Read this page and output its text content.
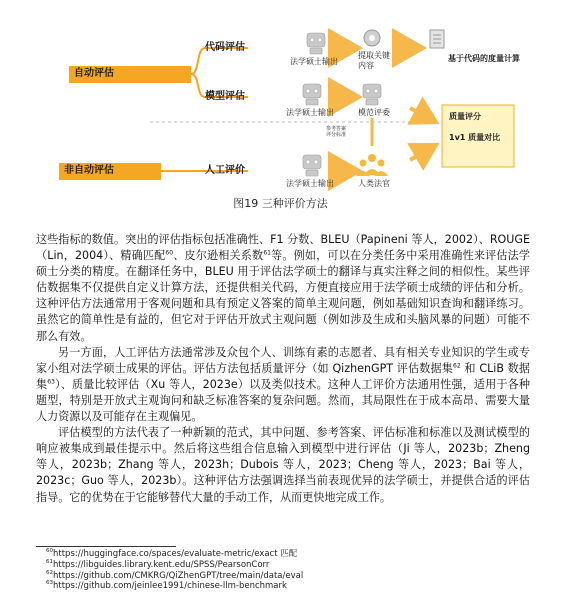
自动评估
非自动评估
代码评估
模型评估
人工评价
法学硕士输出
法学硕士输出
法学硕士输出
提取关键内容
模范评委
参考答案评分标准
人类法官
基于代码的度量计算
质量评分
1v1 质量对比
图19 三种评价方法

这些指标的数值。突出的评估指标包括准确性、F1 分数、BLEU（Papineni 等人，2002）、ROUGE（Lin，2004）、精确匹配$^{60}$、皮尔逊相关系数$^{61}$等。例如，可以在分类任务中采用准确性来评估法学硕士分类的精度。在翻译任务中，BLEU 用于评估法学硕士的翻译与真实注释之间的相似性。某些评估数据集不仅提供自定义计算方法，还提供相关代码，方便直接应用于法学硕士成绩的评估和分析。这种评估方法通常用于客观问题和具有预定义答案的简单主观问题，例如基础知识查询和翻译练习。虽然它的简单性是有益的，但它对于评估开放式主观问题（例如涉及生成和头脑风暴的问题）可能不那么有效。

另一方面，人工评估方法通常涉及众包个人、训练有素的志愿者、具有相关专业知识的学生或专家小组对法学硕士成果的评估。评估方法包括质量评分（如 QizhenGPT 评估数据集$^{62}$ 和 CLiB 数据集$^{63}$）、质量比较评估（Xu 等人，2023e）以及类似技术。这种人工评价方法通用性强，适用于各种题型，特别是开放式主观询问和缺乏标准答案的复杂问题。然而，其局限性在于成本高昂、需要大量人力资源以及可能存在主观偏见。

评估模型的方法代表了一种新颖的范式，其中问题、参考答案、评估标准和标准以及测试模型的响应被集成到最佳提示中。然后将这些组合信息输入到模型中进行评估（Ji 等人，2023b；Zheng 等人，2023b；Zhang 等人，2023h；Dubois 等人，2023；Cheng 等人，2023；Bai 等人，2023c；Guo 等人，2023b）。这种评估方法强调选择当前表现优异的法学硕士，并提供合适的评估指导。它的优势在于它能够替代大量的手动工作，从而更快地完成工作。

$^{60}$https://huggingface.co/spaces/evaluate-metric/exact 匹配
$^{61}$https://libguides.library.kent.edu/SPSS/PearsonCorr
$^{62}$https://github.com/CMKRG/QiZhenGPT/tree/main/data/eval
$^{63}$https://github.com/jeinlee1991/chinese-llm-benchmark
